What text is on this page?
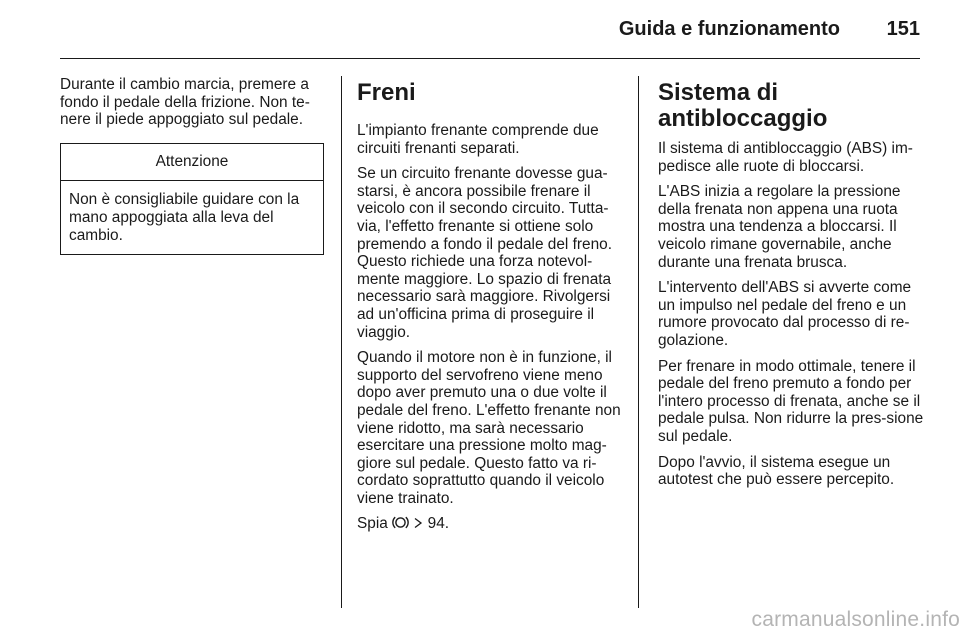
Guida e funzionamento	151

Durante il cambio marcia, premere a fondo il pedale della frizione. Non te-nere il piede appoggiato sul pedale.

Attenzione
Non è consigliabile guidare con la mano appoggiata alla leva del cambio.
Freni

L'impianto frenante comprende due circuiti frenanti separati.

Se un circuito frenante dovesse gua-starsi, è ancora possibile frenare il veicolo con il secondo circuito. Tutta-via, l'effetto frenante si ottiene solo premendo a fondo il pedale del freno. Questo richiede una forza notevol-mente maggiore. Lo spazio di frenata necessario sarà maggiore. Rivolgersi ad un'officina prima di proseguire il viaggio.

Quando il motore non è in funzione, il supporto del servofreno viene meno dopo aver premuto una o due volte il pedale del freno. L'effetto frenante non viene ridotto, ma sarà necessario esercitare una pressione molto mag-giore sul pedale. Questo fatto va ri-cordato soprattutto quando il veicolo viene trainato.

Spia	94.

Sistema di antibloccaggio

Il sistema di antibloccaggio (ABS) im-pedisce alle ruote di bloccarsi.

L'ABS inizia a regolare la pressione della frenata non appena una ruota mostra una tendenza a bloccarsi. Il veicolo rimane governabile, anche durante una frenata brusca.

L'intervento dell'ABS si avverte come un impulso nel pedale del freno e un rumore provocato dal processo di re-golazione.

Per frenare in modo ottimale, tenere il pedale del freno premuto a fondo per l'intero processo di frenata, anche se il pedale pulsa. Non ridurre la pres-sione sul pedale.

Dopo l'avvio, il sistema esegue un autotest che può essere percepito.

carmanualsonline.info
